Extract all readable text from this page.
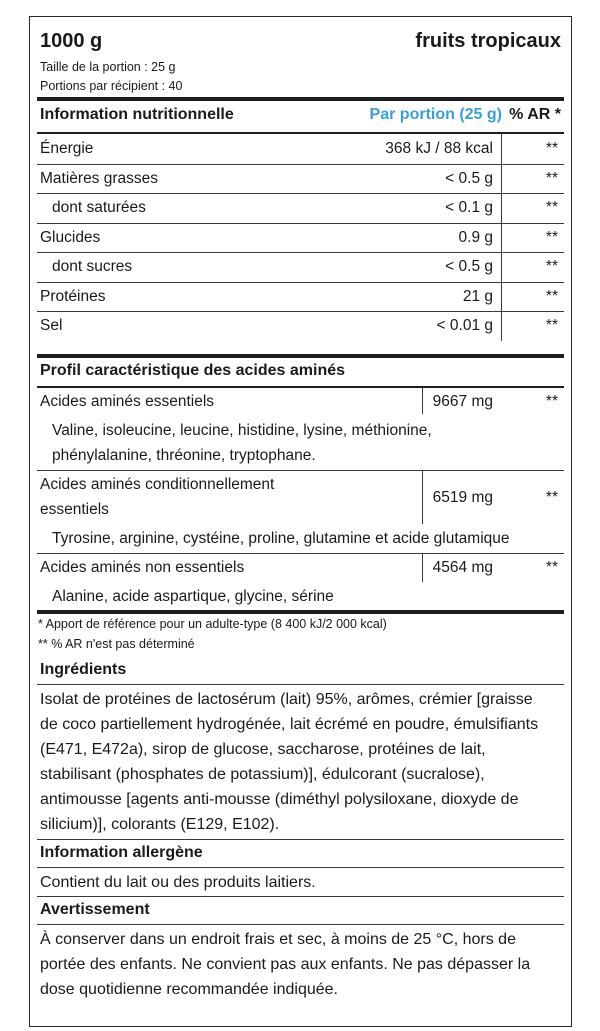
1000 g	fruits tropicaux
Taille de la portion : 25 g
Portions par récipient : 40
Information nutritionnelle	Par portion (25 g) % AR *
Énergie	368 kJ / 88 kcal	**
Matières grasses	< 0.5 g	**
dont saturées	< 0.1 g	**
Glucides	0.9 g	**
dont sucres	< 0.5 g	**
Protéines	21 g	**
Sel	< 0.01 g	**
Profil caractéristique des acides aminés
Acides aminés essentiels	9667 mg	**
Valine, isoleucine, leucine, histidine, lysine, méthionine,
phénylalanine, thréonine, tryptophane.
Acides aminés conditionnellement
essentiels
6519 mg	**
Tyrosine, arginine, cystéine, proline, glutamine et acide glutamique
Acides aminés non essentiels	4564 mg	**
Alanine, acide aspartique, glycine, sérine
* Apport de référence pour un adulte-type (8 400 kJ/2 000 kcal)
** % AR n'est pas déterminé
Ingrédients
Isolat de protéines de lactosérum (lait) 95%, arômes, crémier [graisse
de coco partiellement hydrogénée, lait écrémé en poudre, émulsifiants
(E471, E472a), sirop de glucose, saccharose, protéines de lait,
stabilisant (phosphates de potassium)], édulcorant (sucralose),
antimousse [agents anti-mousse (diméthyl polysiloxane, dioxyde de
silicium)], colorants (E129, E102).
Information allergène
Contient du lait ou des produits laitiers.
Avertissement
À conserver dans un endroit frais et sec, à moins de 25 °C, hors de
portée des enfants. Ne convient pas aux enfants. Ne pas dépasser la
dose quotidienne recommandée indiquée.
